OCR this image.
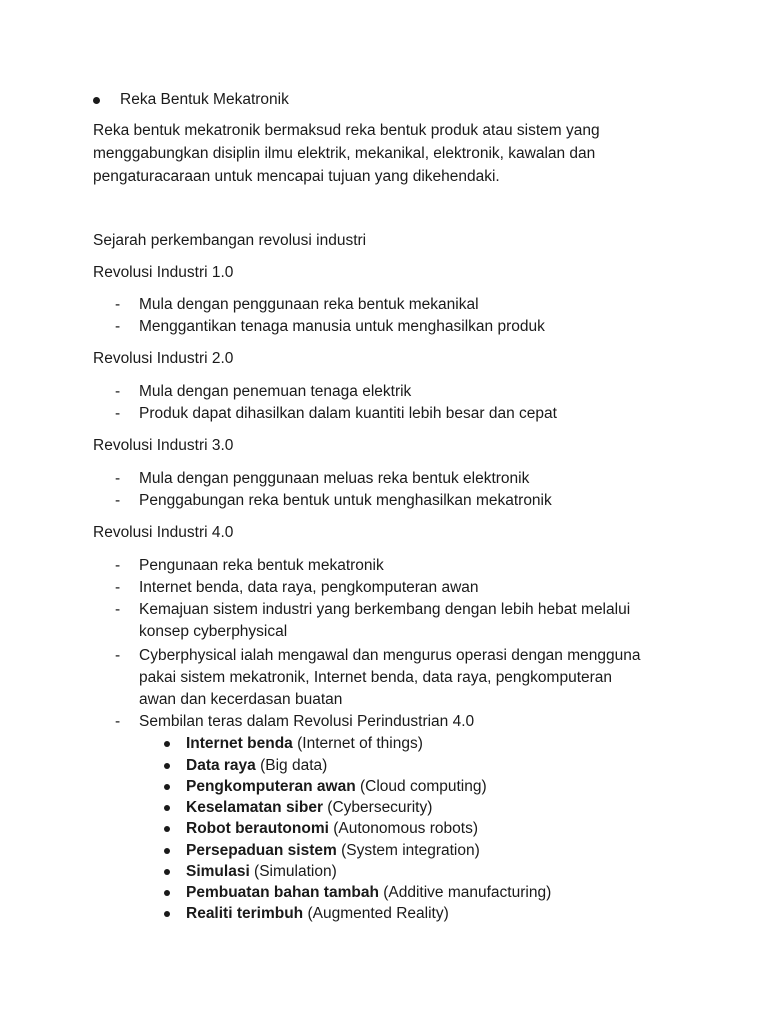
Reka Bentuk Mekatronik
Reka bentuk mekatronik bermaksud reka bentuk produk atau sistem yang
menggabungkan disiplin ilmu elektrik, mekanikal, elektronik, kawalan dan
pengaturacaraan untuk mencapai tujuan yang dikehendaki.
Sejarah perkembangan revolusi industri
Revolusi Industri 1.0
- Mula dengan penggunaan reka bentuk mekanikal
- Menggantikan tenaga manusia untuk menghasilkan produk
Revolusi Industri 2.0
- Mula dengan penemuan tenaga elektrik
- Produk dapat dihasilkan dalam kuantiti lebih besar dan cepat
Revolusi Industri 3.0
- Mula dengan penggunaan meluas reka bentuk elektronik
- Penggabungan reka bentuk untuk menghasilkan mekatronik
Revolusi Industri 4.0
- Pengunaan reka bentuk mekatronik
- Internet benda, data raya, pengkomputeran awan
- Kemajuan sistem industri yang berkembang dengan lebih hebat melalui
konsep cyberphysical
- Cyberphysical ialah mengawal dan mengurus operasi dengan mengguna
pakai sistem mekatronik, Internet benda, data raya, pengkomputeran
awan dan kecerdasan buatan
- Sembilan teras dalam Revolusi Perindustrian 4.0
Internet benda (Internet of things)
Data raya (Big data)
Pengkomputeran awan (Cloud computing)
Keselamatan siber (Cybersecurity)
Robot berautonomi (Autonomous robots)
Persepaduan sistem (System integration)
Simulasi (Simulation)
Pembuatan bahan tambah (Additive manufacturing)
Realiti terimbuh (Augmented Reality)
